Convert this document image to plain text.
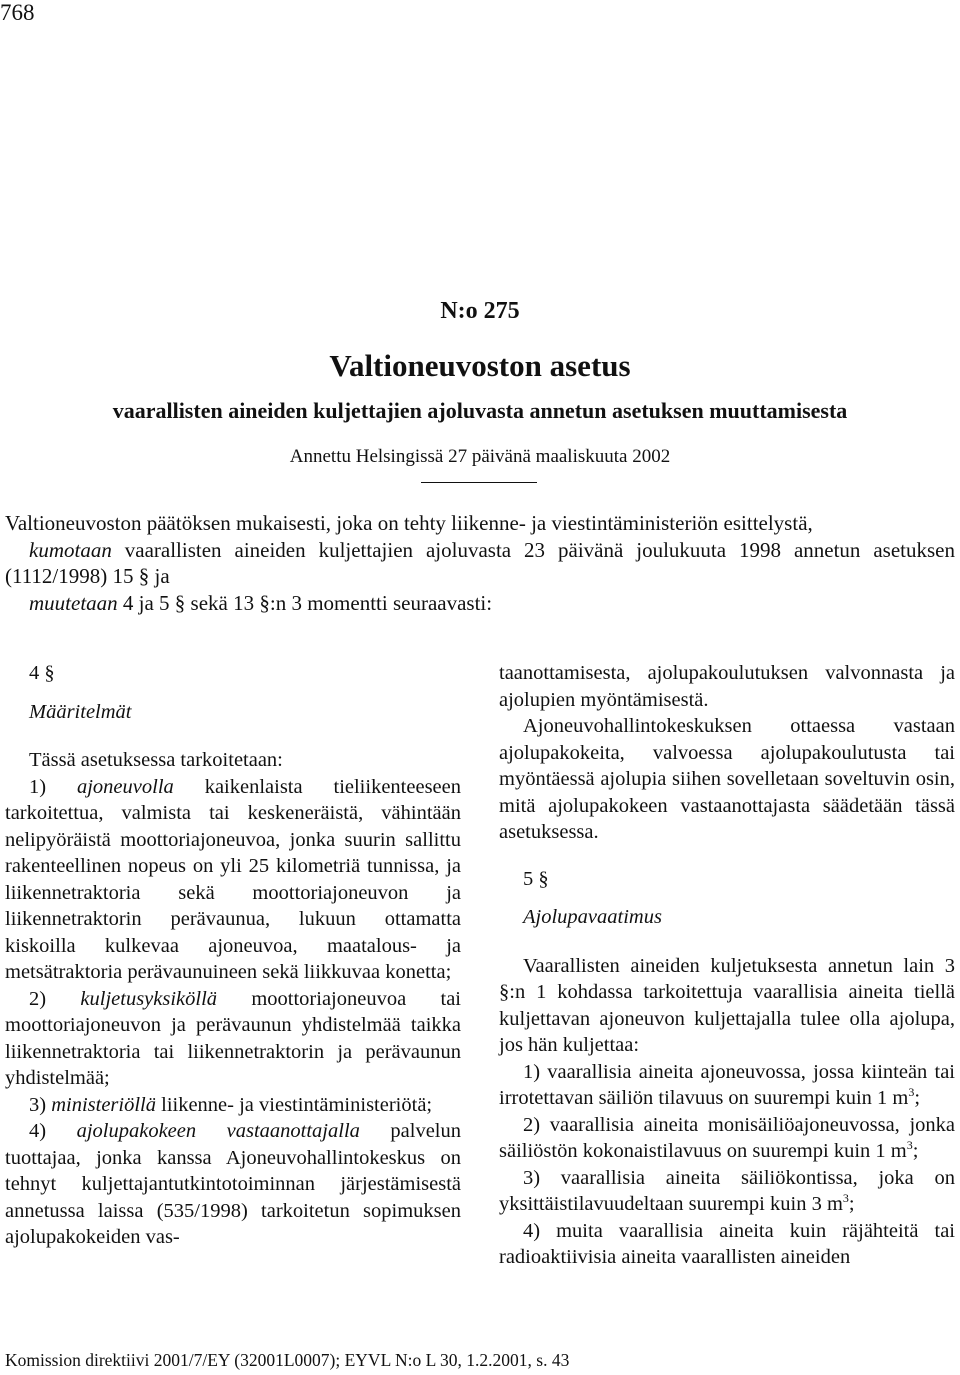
768
N:o 275
Valtioneuvoston asetus
vaarallisten aineiden kuljettajien ajoluvasta annetun asetuksen muuttamisesta
Annettu Helsingissä 27 päivänä maaliskuuta 2002

Valtioneuvoston päätöksen mukaisesti, joka on tehty liikenne- ja viestintäministeriön esittelystä,

kumotaan vaarallisten aineiden kuljettajien ajoluvasta 23 päivänä joulukuuta 1998 annetun asetuksen (1112/1998) 15 § ja

muutetaan 4 ja 5 § sekä 13 §:n 3 momentti seuraavasti:

4 §

Määritelmät

Tässä asetuksessa tarkoitetaan:

1) ajoneuvolla kaikenlaista tieliikenteeseen tarkoitettua, valmista tai keskeneräistä, vähintään nelipyöräistä moottoriajoneuvoa, jonka suurin sallittu rakenteellinen nopeus on yli 25 kilometriä tunnissa, ja liikennetraktoria sekä moottoriajoneuvon ja liikennetraktorin perävaunua, lukuun ottamatta kiskoilla kulkevaa ajoneuvoa, maatalous- ja metsätraktoria perävaunuineen sekä liikkuvaa konetta;

2) kuljetusyksiköllä moottoriajoneuvoa tai moottoriajoneuvon ja perävaunun yhdistelmää taikka liikennetraktoria tai liikennetraktorin ja perävaunun yhdistelmää;

3) ministeriöllä liikenne- ja viestintäministeriötä;

4) ajolupakokeen vastaanottajalla palvelun tuottajaa, jonka kanssa Ajoneuvohallintokeskus on tehnyt kuljettajantutkintotoiminnan järjestämisestä annetussa laissa (535/1998) tarkoitetun sopimuksen ajolupakokeiden vas-

taanottamisesta, ajolupakoulutuksen valvonnasta ja ajolupien myöntämisestä.

Ajoneuvohallintokeskuksen ottaessa vastaan ajolupakokeita, valvoessa ajolupakoulutusta tai myöntäessä ajolupia siihen sovelletaan soveltuvin osin, mitä ajolupakokeen vastaanottajasta säädetään tässä asetuksessa.

5 §

Ajolupavaatimus

Vaarallisten aineiden kuljetuksesta annetun lain 3 §:n 1 kohdassa tarkoitettuja vaarallisia aineita tiellä kuljettavan ajoneuvon kuljettajalla tulee olla ajolupa, jos hän kuljettaa:

1) vaarallisia aineita ajoneuvossa, jossa kiinteän tai irrotettavan säiliön tilavuus on suurempi kuin 1 $m^3$;

2) vaarallisia aineita monisäiliöajoneuvossa, jonka säiliöstön kokonaistilavuus on suurempi kuin 1 $m^3$;

3) vaarallisia aineita säiliökontissa, joka on yksittäistilavuudeltaan suurempi kuin 3 $m^3$;

4) muita vaarallisia aineita kuin räjähteitä tai radioaktiivisia aineita vaarallisten aineiden

Komission direktiivi 2001/7/EY (32001L0007); EYVL N:o L 30, 1.2.2001, s. 43
